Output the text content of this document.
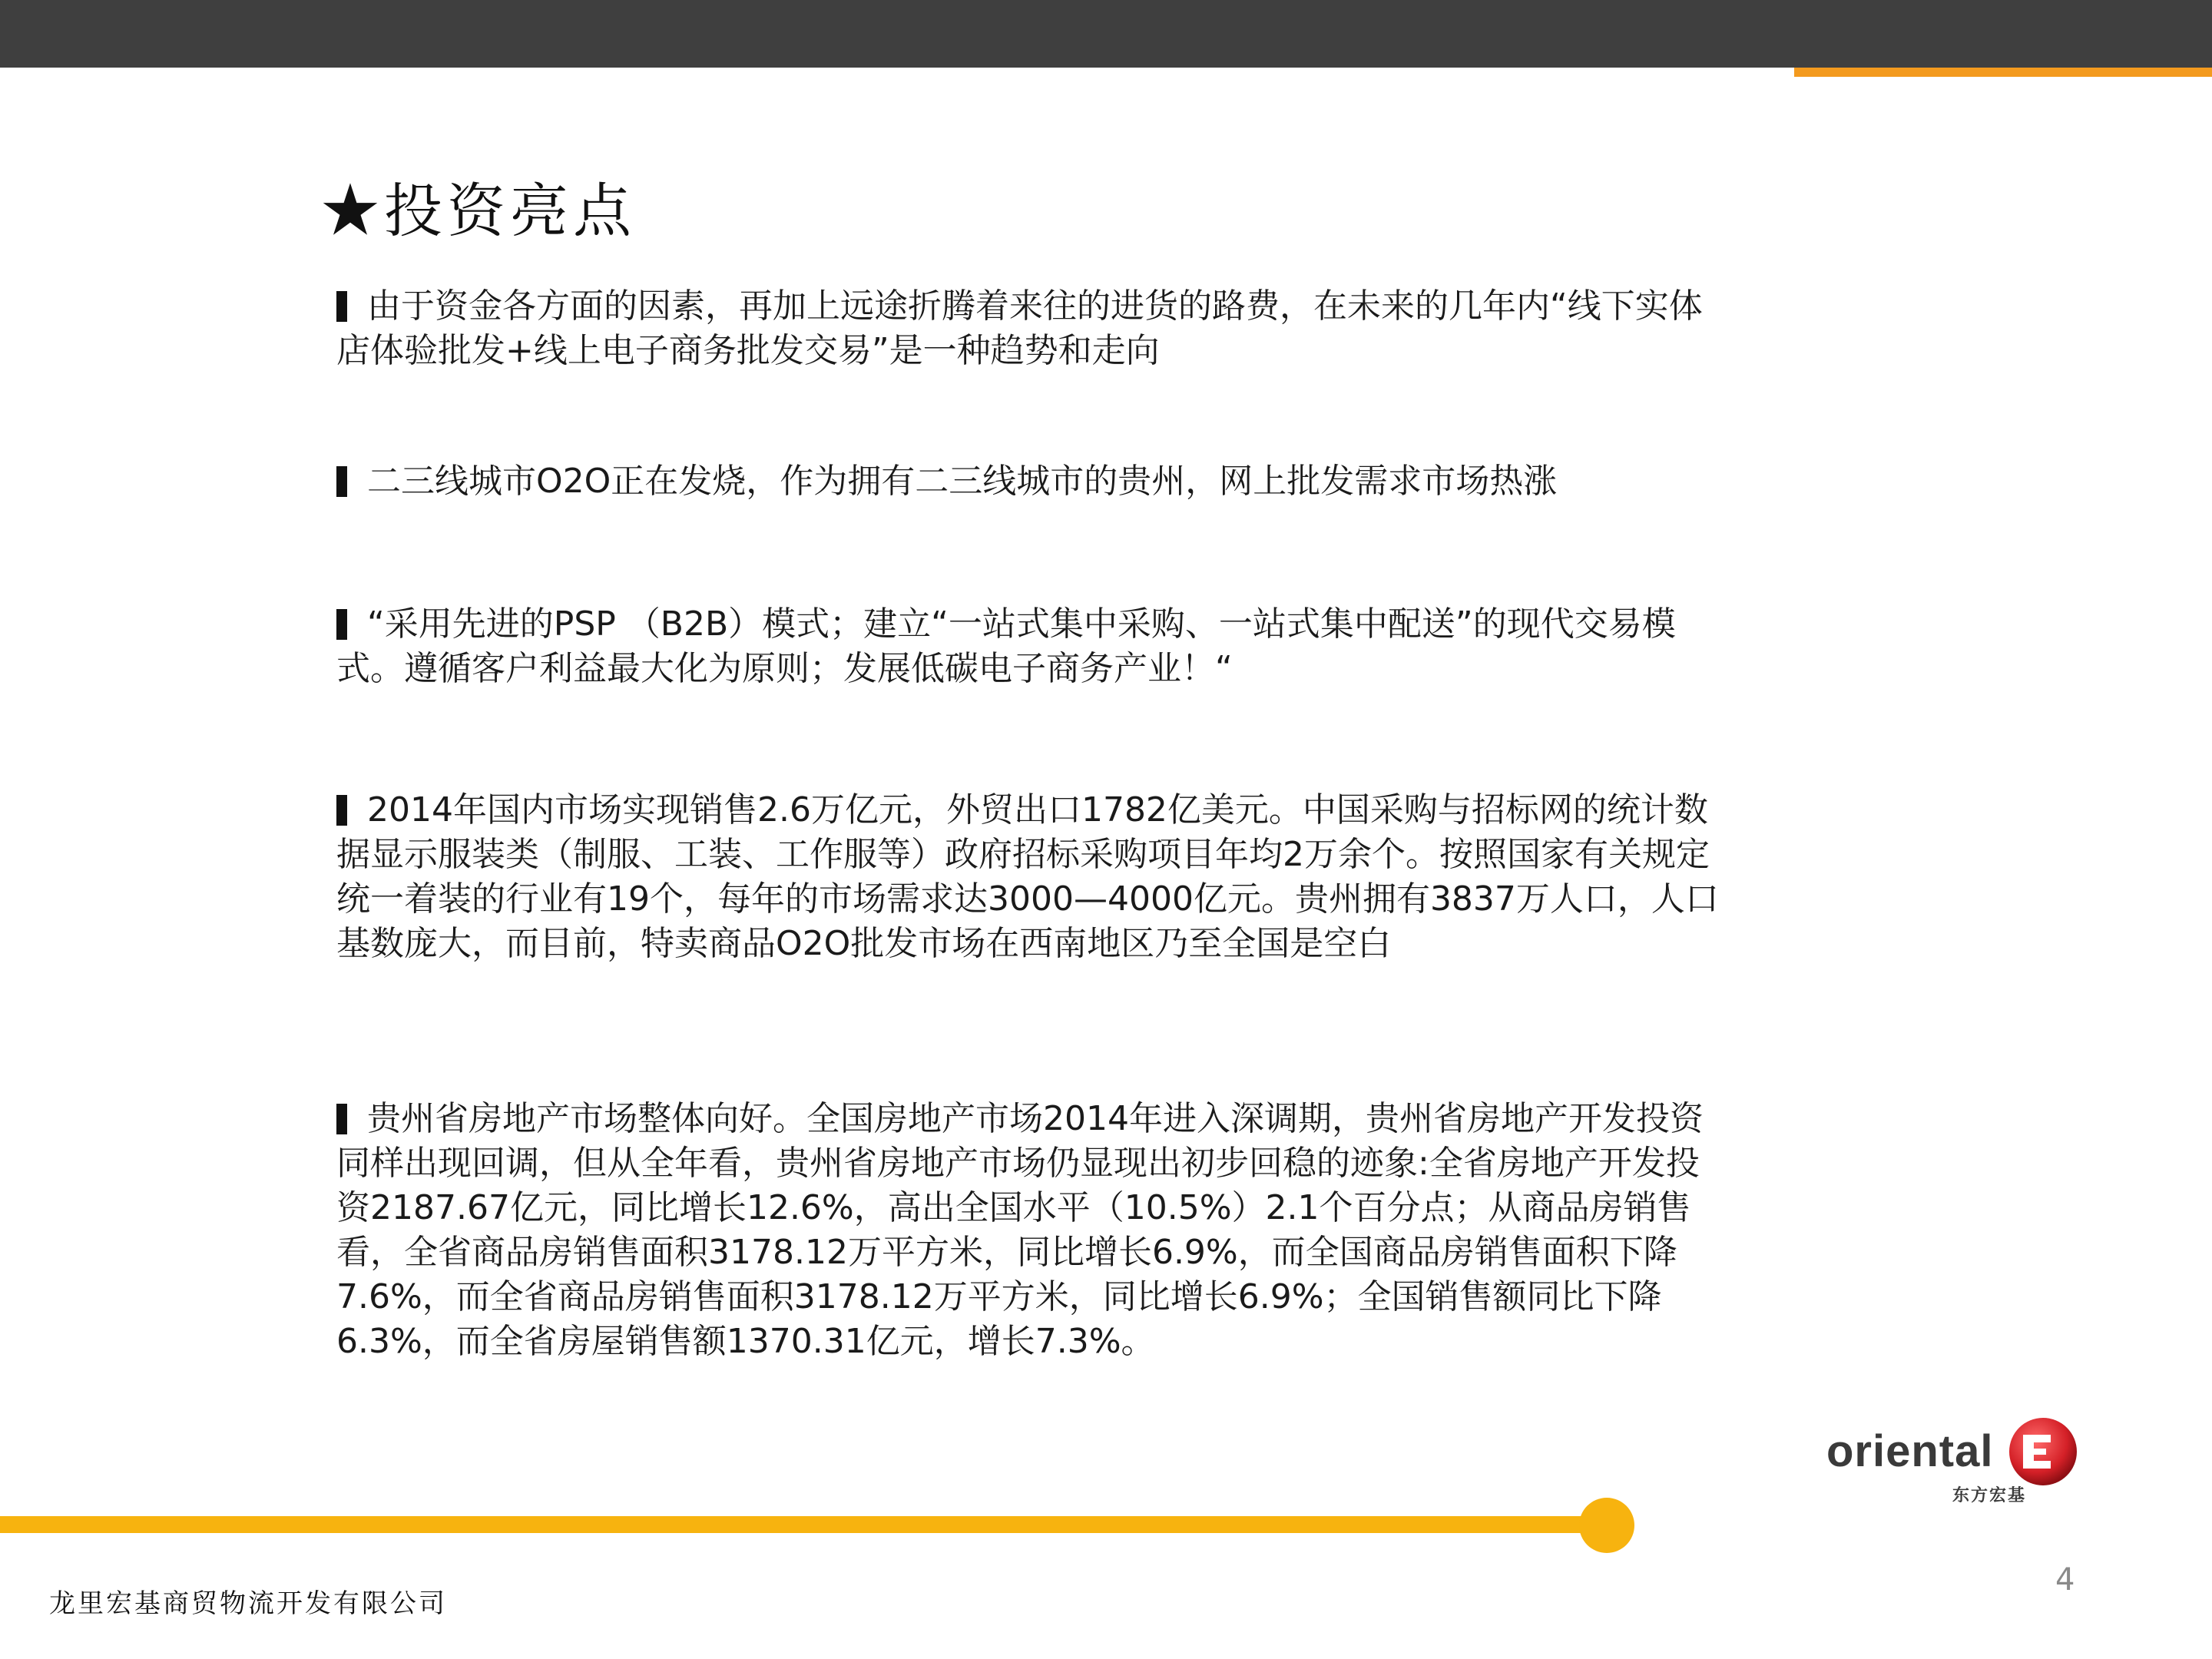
★投资亮点
由于资金各方面的因素，再加上远途折腾着来往的进货的路费，在未来的几年内“线下实体店体验批发+线上电子商务批发交易”是一种趋势和走向
二三线城市O2O正在发烧，作为拥有二三线城市的贵州，网上批发需求市场热涨
“采用先进的PSP （B2B）模式；建立“一站式集中采购、一站式集中配送”的现代交易模式。遵循客户利益最大化为原则；发展低碳电子商务产业！“
2014年国内市场实现销售2.6万亿元，外贸出口1782亿美元。中国采购与招标网的统计数据显示服装类（制服、工装、工作服等）政府招标采购项目年均2万余个。按照国家有关规定统一着装的行业有19个，每年的市场需求达3000—4000亿元。贵州拥有3837万人口，人口基数庞大，而目前，特卖商品O2O批发市场在西南地区乃至全国是空白
贵州省房地产市场整体向好。全国房地产市场2014年进入深调期，贵州省房地产开发投资同样出现回调，但从全年看，贵州省房地产市场仍显现出初步回稳的迹象:全省房地产开发投资2187.67亿元，同比增长12.6%，高出全国水平（10.5%）2.1个百分点；从商品房销售看，全省商品房销售面积3178.12万平方米，同比增长6.9%，而全国商品房销售面积下降7.6%，而全省商品房销售面积3178.12万平方米，同比增长6.9%；全国销售额同比下降6.3%，而全省房屋销售额1370.31亿元，增长7.3%。
oriental
东方宏基
龙里宏基商贸物流开发有限公司
4
